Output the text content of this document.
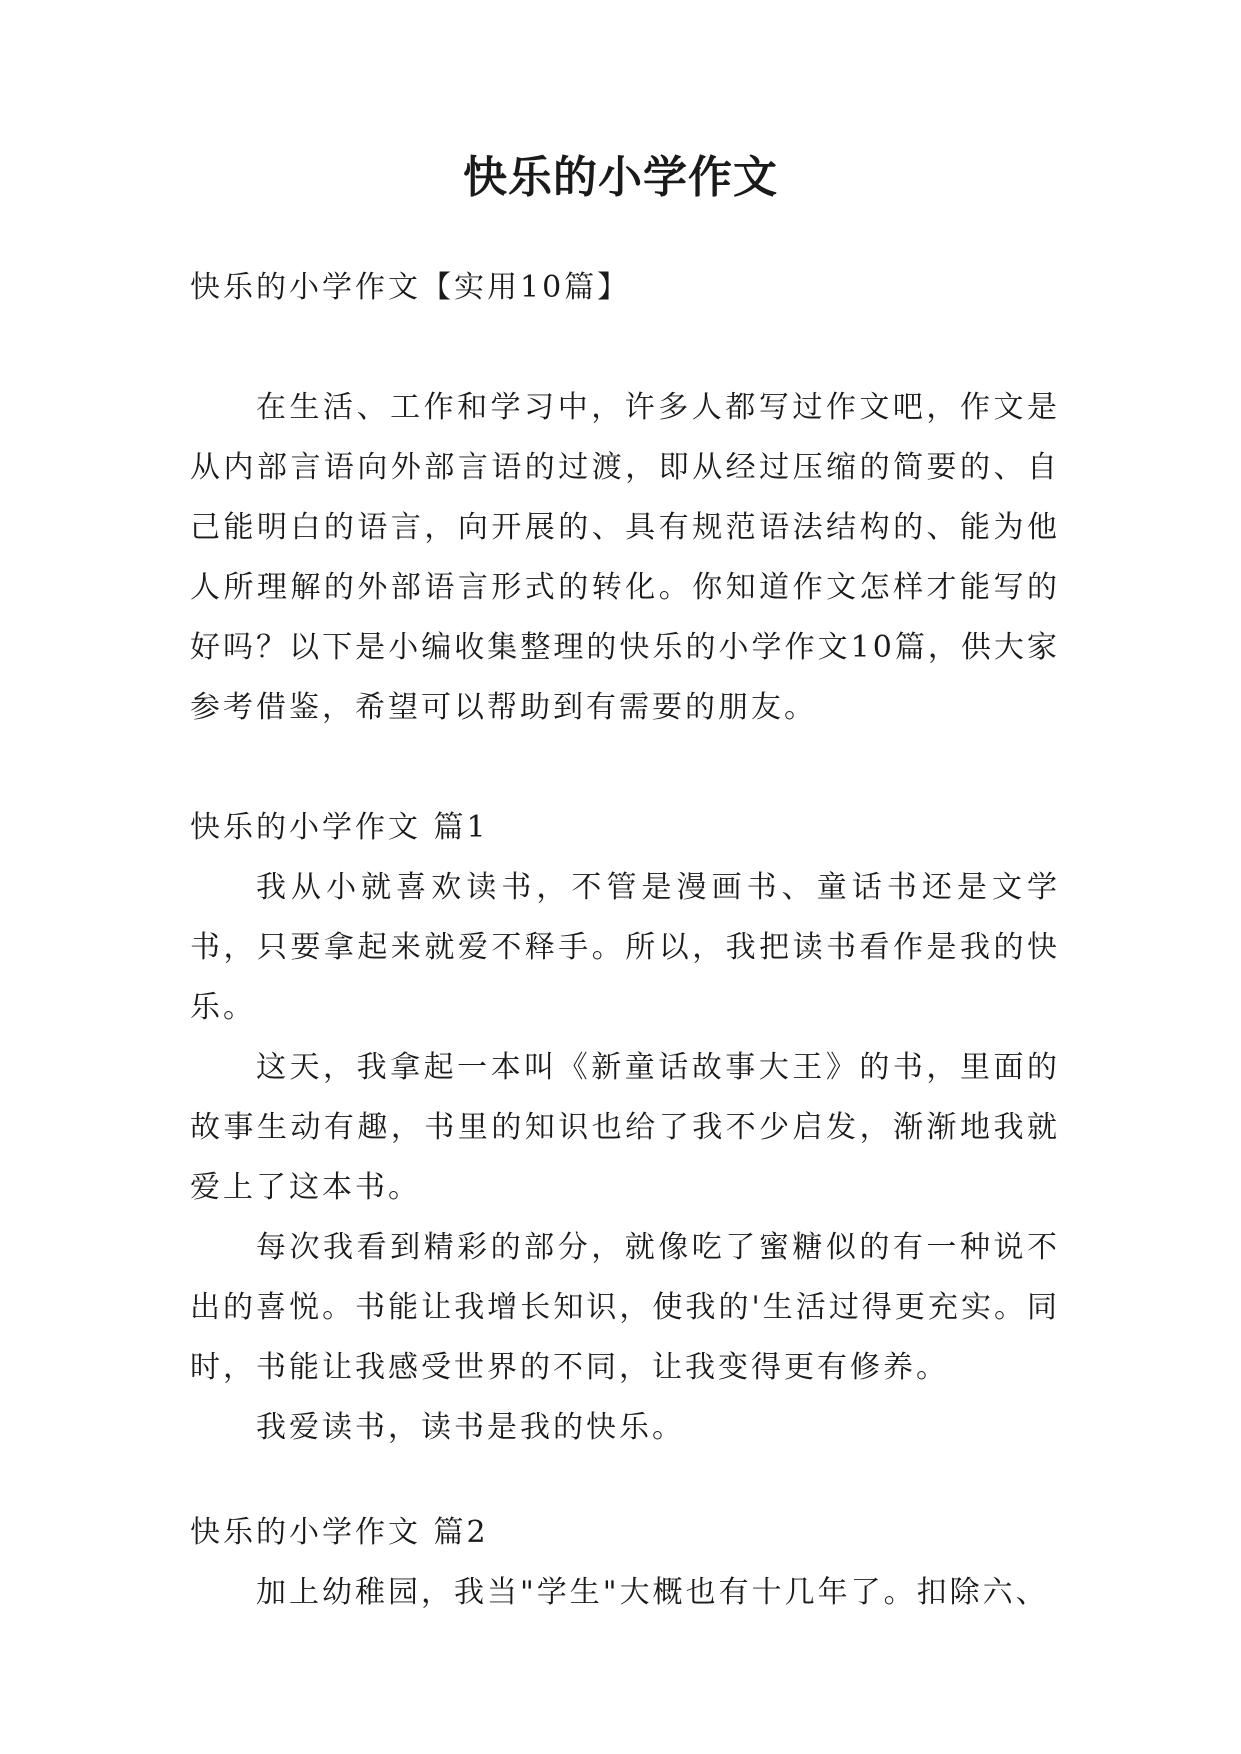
快乐的小学作文

快乐的小学作文【实用10篇】

在生活、工作和学习中，许多人都写过作文吧，作文是从内部言语向外部言语的过渡，即从经过压缩的简要的、自己能明白的语言，向开展的、具有规范语法结构的、能为他人所理解的外部语言形式的转化。你知道作文怎样才能写的好吗？以下是小编收集整理的快乐的小学作文10篇，供大家参考借鉴，希望可以帮助到有需要的朋友。

快乐的小学作文 篇1

我从小就喜欢读书，不管是漫画书、童话书还是文学书，只要拿起来就爱不释手。所以，我把读书看作是我的快乐。

这天，我拿起一本叫《新童话故事大王》的书，里面的故事生动有趣，书里的知识也给了我不少启发，渐渐地我就爱上了这本书。

每次我看到精彩的部分，就像吃了蜜糖似的有一种说不出的喜悦。书能让我增长知识，使我的'生活过得更充实。同时，书能让我感受世界的不同，让我变得更有修养。

我爱读书，读书是我的快乐。

快乐的小学作文 篇2

加上幼稚园，我当"学生"大概也有十几年了。扣除六、
